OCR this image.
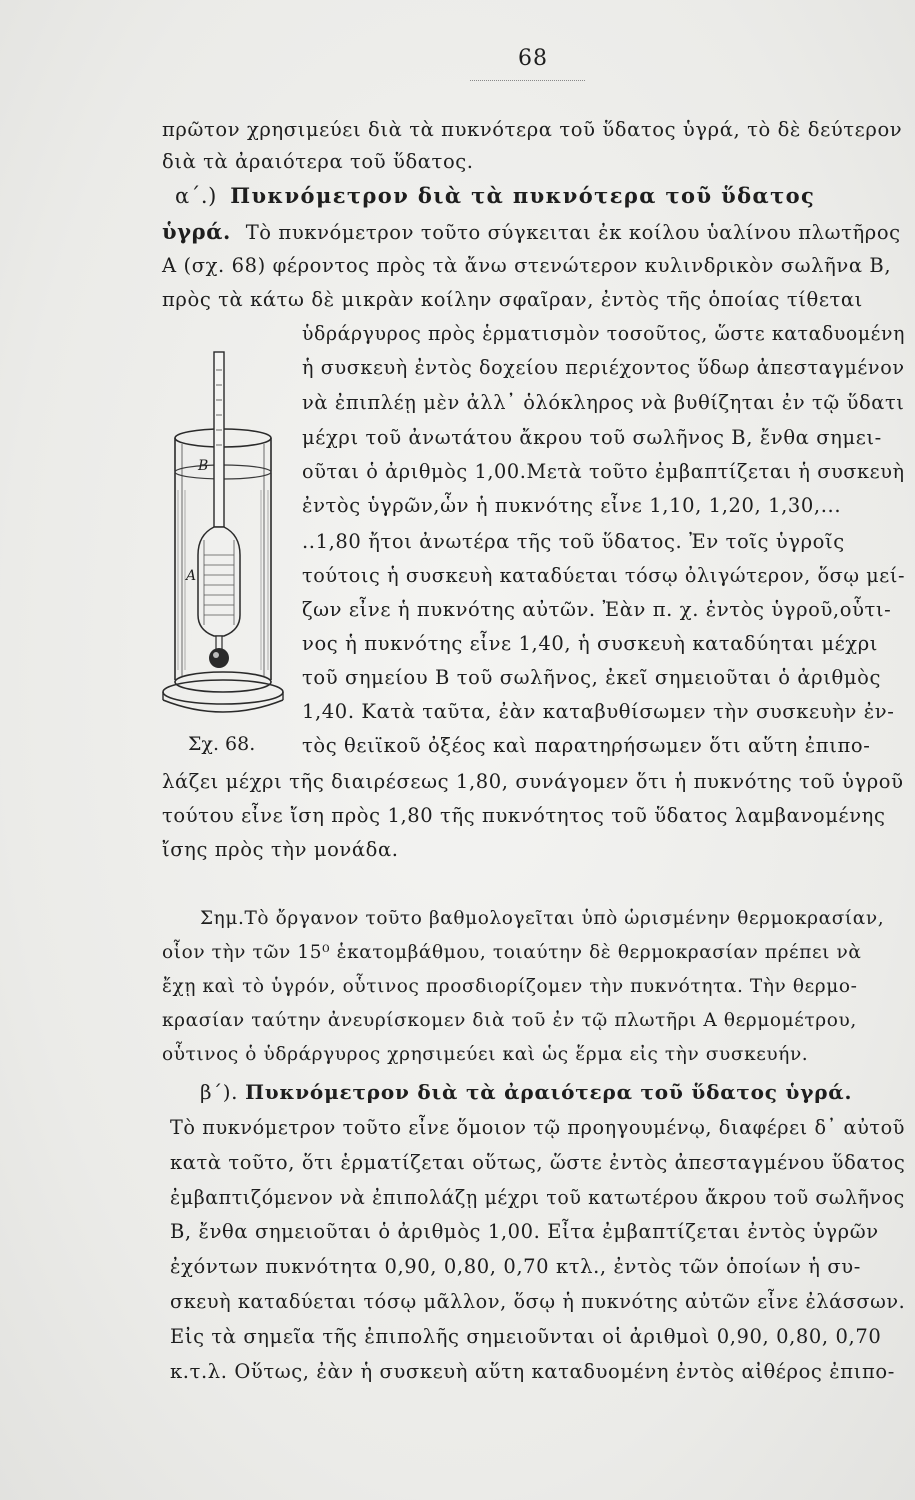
68
πρῶτον χρησιμεύει διὰ τὰ πυκνότερα τοῦ ὕδατος ὑγρά, τὸ δὲ δεύτερον
διὰ τὰ ἀραιότερα τοῦ ὕδατος.
α΄.) Πυκνόμετρον διὰ τὰ πυκνότερα τοῦ ὕδατος
ὑγρά. Τὸ πυκνόμετρον τοῦτο σύγκειται ἐκ κοίλου ὑαλίνου πλωτῆρος
Α (σχ. 68) φέροντος πρὸς τὰ ἄνω στενώτερον κυλινδρικὸν σωλῆνα Β,
πρὸς τὰ κάτω δὲ μικρὰν κοίλην σφαῖραν, ἐντὸς τῆς ὁποίας τίθεται
ὑδράργυρος πρὸς ἑρματισμὸν τοσοῦτος, ὥστε καταδυομένη
ἡ συσκευὴ ἐντὸς δοχείου περιέχοντος ὕδωρ ἀπεσταγμένον
νὰ ἐπιπλέῃ μὲν ἀλλ᾽ ὁλόκληρος νὰ βυθίζηται ἐν τῷ ὕδατι
μέχρι τοῦ ἀνωτάτου ἄκρου τοῦ σωλῆνος Β, ἔνθα σημει-
οῦται ὁ ἀριθμὸς 1,00.Μετὰ τοῦτο ἐμβαπτίζεται ἡ συσκευὴ
ἐντὸς ὑγρῶν,ὧν ἡ πυκνότης εἶνε 1,10, 1,20, 1,30,...
..1,80 ἤτοι ἀνωτέρα τῆς τοῦ ὕδατος. Ἐν τοῖς ὑγροῖς
τούτοις ἡ συσκευὴ καταδύεται τόσῳ ὀλιγώτερον, ὅσῳ μεί-
ζων εἶνε ἡ πυκνότης αὐτῶν. Ἐὰν π. χ. ἐντὸς ὑγροῦ,οὗτι-
νος ἡ πυκνότης εἶνε 1,40, ἡ συσκευὴ καταδύηται μέχρι
τοῦ σημείου Β τοῦ σωλῆνος, ἐκεῖ σημειοῦται ὁ ἀριθμὸς
1,40. Κατὰ ταῦτα, ἐὰν καταβυθίσωμεν τὴν συσκευὴν ἐν-
τὸς θειϊκοῦ ὀξέος καὶ παρατηρήσωμεν ὅτι αὕτη ἐπιπο-
λάζει μέχρι τῆς διαιρέσεως 1,80, συνάγομεν ὅτι ἡ πυκνότης τοῦ ὑγροῦ
τούτου εἶνε ἴση πρὸς 1,80 τῆς πυκνότητος τοῦ ὕδατος λαμβανομένης
ἴσης πρὸς τὴν μονάδα.
B
A
Σχ. 68.
Σημ.Τὸ ὄργανον τοῦτο βαθμολογεῖται ὑπὸ ὡρισμένην θερμοκρασίαν,
οἷον τὴν τῶν 15⁰ ἑκατομβάθμου, τοιαύτην δὲ θερμοκρασίαν πρέπει νὰ
ἔχῃ καὶ τὸ ὑγρόν, οὗτινος προσδιορίζομεν τὴν πυκνότητα. Τὴν θερμο-
κρασίαν ταύτην ἀνευρίσκομεν διὰ τοῦ ἐν τῷ πλωτῆρι Α θερμομέτρου,
οὗτινος ὁ ὑδράργυρος χρησιμεύει καὶ ὡς ἕρμα εἰς τὴν συσκευήν.
β΄). Πυκνόμετρον διὰ τὰ ἀραιότερα τοῦ ὕδατος ὑγρά.
Τὸ πυκνόμετρον τοῦτο εἶνε ὅμοιον τῷ προηγουμένῳ, διαφέρει δ᾽ αὐτοῦ
κατὰ τοῦτο, ὅτι ἑρματίζεται οὕτως, ὥστε ἐντὸς ἀπεσταγμένου ὕδατος
ἐμβαπτιζόμενον νὰ ἐπιπολάζῃ μέχρι τοῦ κατωτέρου ἄκρου τοῦ σωλῆνος
Β, ἔνθα σημειοῦται ὁ ἀριθμὸς 1,00. Εἶτα ἐμβαπτίζεται ἐντὸς ὑγρῶν
ἐχόντων πυκνότητα 0,90, 0,80, 0,70 κτλ., ἐντὸς τῶν ὁποίων ἡ συ-
σκευὴ καταδύεται τόσῳ μᾶλλον, ὅσῳ ἡ πυκνότης αὐτῶν εἶνε ἐλάσσων.
Εἰς τὰ σημεῖα τῆς ἐπιπολῆς σημειοῦνται οἱ ἀριθμοὶ 0,90, 0,80, 0,70
κ.τ.λ. Οὕτως, ἐὰν ἡ συσκευὴ αὕτη καταδυομένη ἐντὸς αἰθέρος ἐπιπο-
